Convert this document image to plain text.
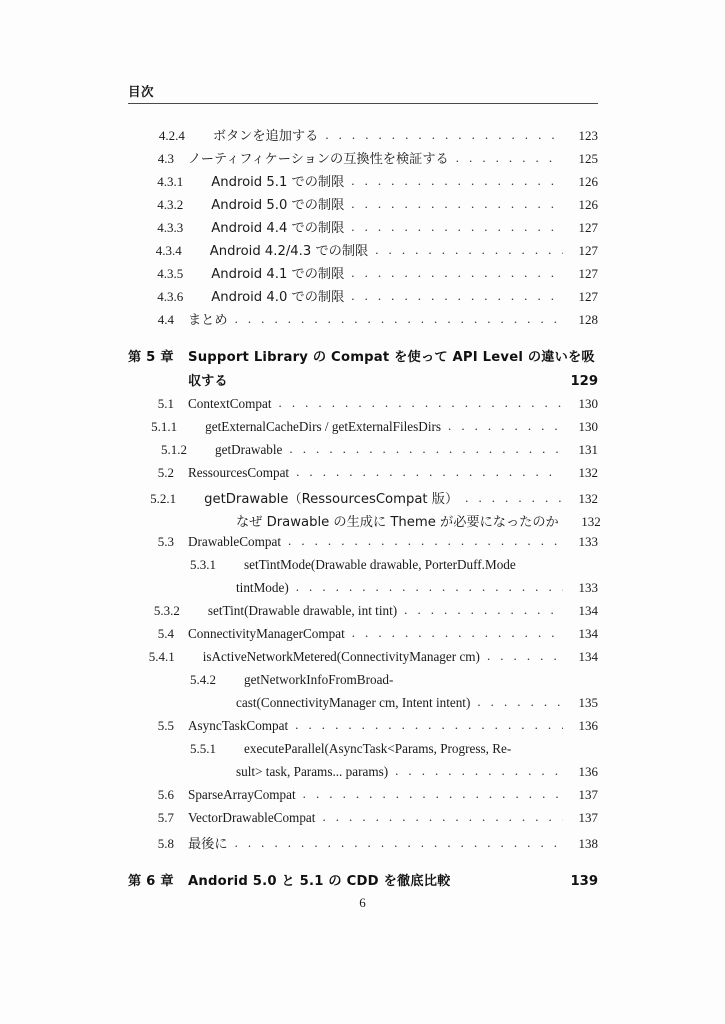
目次
4.2.4	ボタンを追加する . . .	123
4.3 ノーティフィケーションの互換性を検証する . . .	125
4.3.1	Android 5.1 での制限 . . .	126
4.3.2	Android 5.0 での制限 . . .	126
4.3.3	Android 4.4 での制限 . . .	127
4.3.4	Android 4.2/4.3 での制限 . . .	127
4.3.5	Android 4.1 での制限 . . .	127
4.3.6	Android 4.0 での制限 . . .	127
4.4 まとめ . . .	128
第 5 章	Support Library の Compat を使って API Level の違いを吸
収する	129
5.1 ContextCompat . . .	130
5.1.1	getExternalCacheDirs / getExternalFilesDirs . . .	130
5.1.2	getDrawable . . .	131
5.2 RessourcesCompat . . .	132
5.2.1	getDrawable（RessourcesCompat 版） . . .	132
なぜ Drawable の生成に Theme が必要になったのか	132
5.3 DrawableCompat . . .	133
5.3.1	setTintMode(Drawable drawable, PorterDuff.Mode
tintMode) . . .	133
5.3.2	setTint(Drawable drawable, int tint) . . .	134
5.4 ConnectivityManagerCompat . . .	134
5.4.1	isActiveNetworkMetered(ConnectivityManager cm) . . .	134
5.4.2	getNetworkInfoFromBroad-
cast(ConnectivityManager cm, Intent intent) . . .	135
5.5 AsyncTaskCompat . . .	136
5.5.1	executeParallel(AsyncTask<Params, Progress, Re-
sult> task, Params... params) . . .	136
5.6 SparseArrayCompat . . .	137
5.7 VectorDrawableCompat . . .	137
5.8 最後に . . .	138
第 6 章	Andorid 5.0 と 5.1 の CDD を徹底比較	139
6
